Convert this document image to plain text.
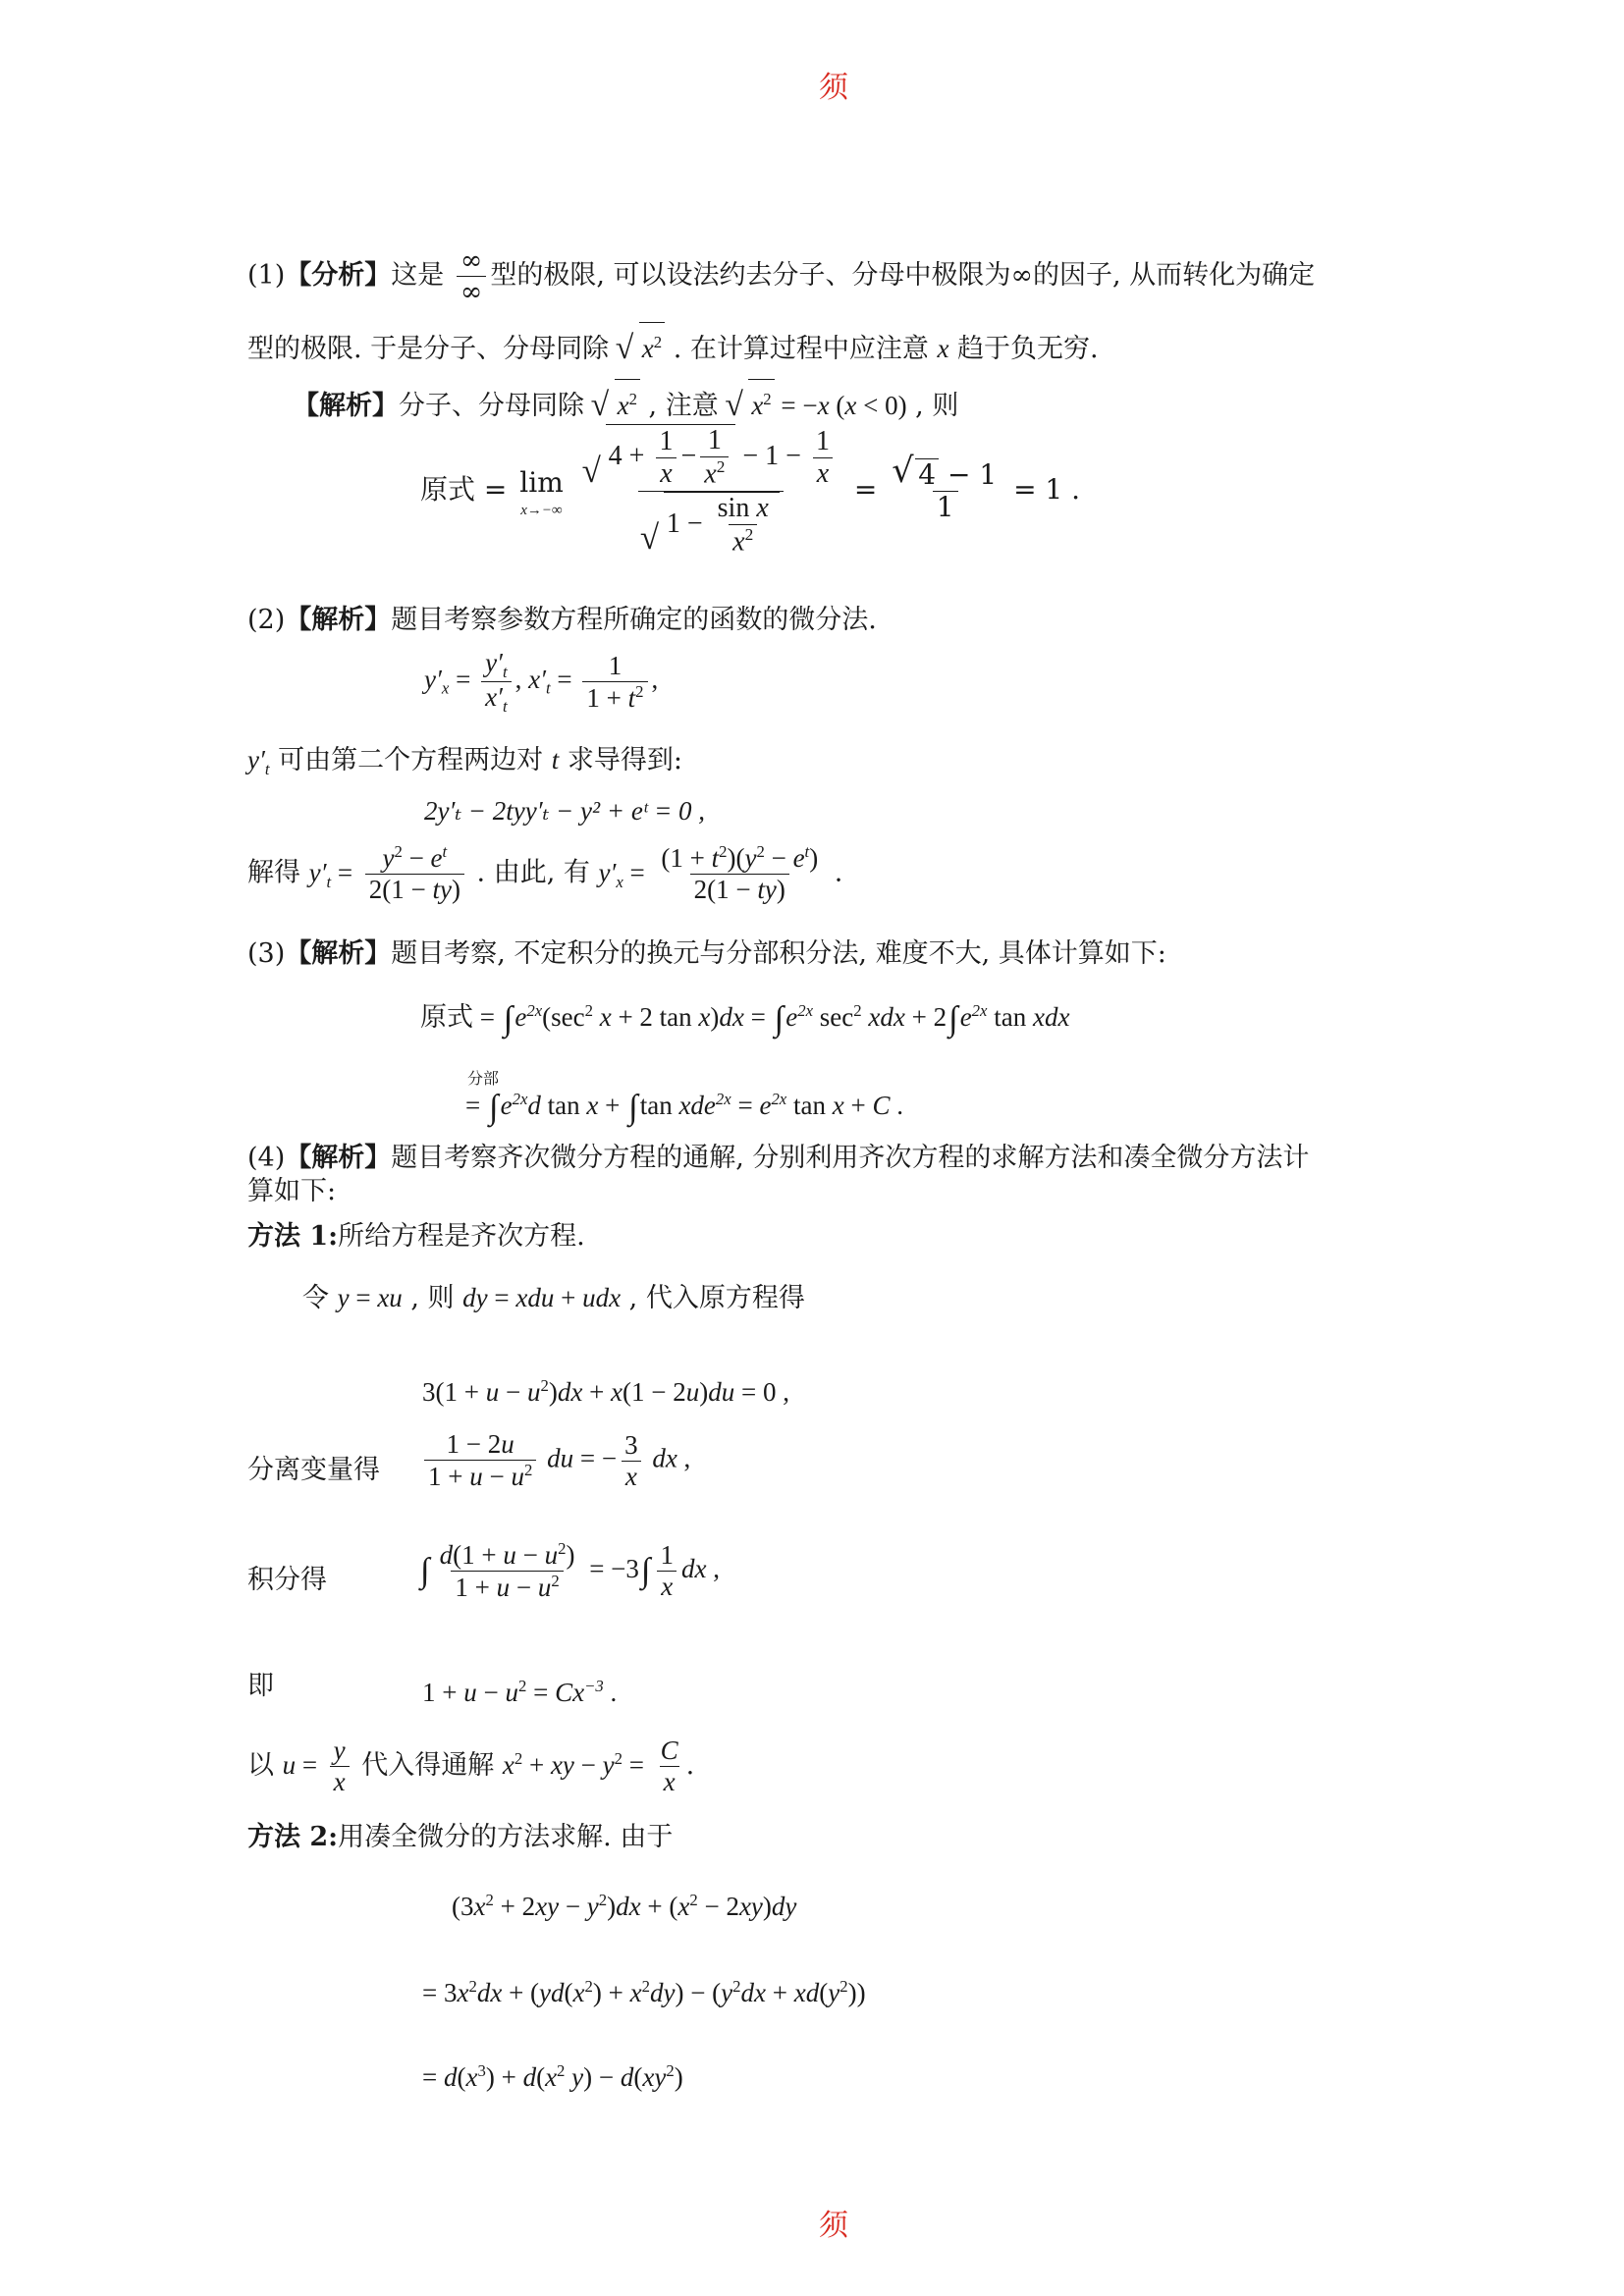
须
须
(1)【分析】这是 $\frac{\infty}{\infty}$ 型的极限, 可以设法约去分子、分母中极限为∞的因子, 从而转化为确定
型的极限. 于是分子、分母同除 √ $x^2$ . 在计算过程中应注意 x 趋于负无穷.
【解析】分子、分母同除 √ $x^2$ , 注意 √ $x^2 = -x$ (x < 0) , 则
原式 = lim
x→−∞
√ $4 + \frac{1}{x} - \frac{1}{x^2} - 1 - \frac{1}{x}$
√ $1 - \frac{\text{sin x}}{x^2}$ = √ $\frac{4 - 1}{1} = 1$ .
(2)【解析】题目考察参数方程所确定的函数的微分法.
$y'_x = \frac{y'_t}{x'_t}$ , $x'_t = \frac{1}{1 + t^2}$ ,
$y'_t$ 可由第二个方程两边对 t 求导得到:
2y′ₜ − 2tyy′ₜ − y² + eᵗ = 0 ,
解得 $y'_t = \frac{y^2 - e^t}{2(1 - ty)}$ . 由此, 有 $y'_x = \frac{(1 + t^2)(y^2 - e^t)}{2(1 - ty)}$ .
(3)【解析】题目考察, 不定积分的换元与分部积分法, 难度不大, 具体计算如下:
原式 = $\int e^{2x}(\sec^2$ x + 2 $\tan x)dx = \int e^{2x}$ $\sec^2$ xdx + $2\int e^{2x}$ tan xdx
分部
= $\int e^{2x}d$ tan x + ∫tan $xde^{2x} = e^{2x}$ tan x + C .
(4)【解析】题目考察齐次微分方程的通解, 分别利用齐次方程的求解方法和凑全微分方法计
算如下:
方法 1:所给方程是齐次方程.
令 y = xu , 则 dy = xdu + udx , 代入原方程得
$3(1 + u - u^2)dx + x(1 - 2u)du = 0$ ,
分离变量得 $\frac{1 - 2u}{1 + u - u^2}$ du = − $\frac{3}{x}$ dx ,
积分得	∫ $\frac{d(1 + u - u^2)}{1 + u - u^2} = -3\int \frac{1}{x}$ dx ,
即	$1 + u - u^2 = Cx^{-3}$ .
以 $u = \frac{y}{x}$ 代入得通解 $x^2$ + xy − $y^2 = \frac{C}{x}$ .
方法 2:用凑全微分的方法求解. 由于
$(3x^2 + 2xy - y^2)dx + (x^2 - 2xy)dy$
= $3x^2dx + (yd(x^2) + x^2dy) - (y^2dx + xd(y^2))$
= $d(x^3) + d(x^2$ $y) - d(xy^2)$
